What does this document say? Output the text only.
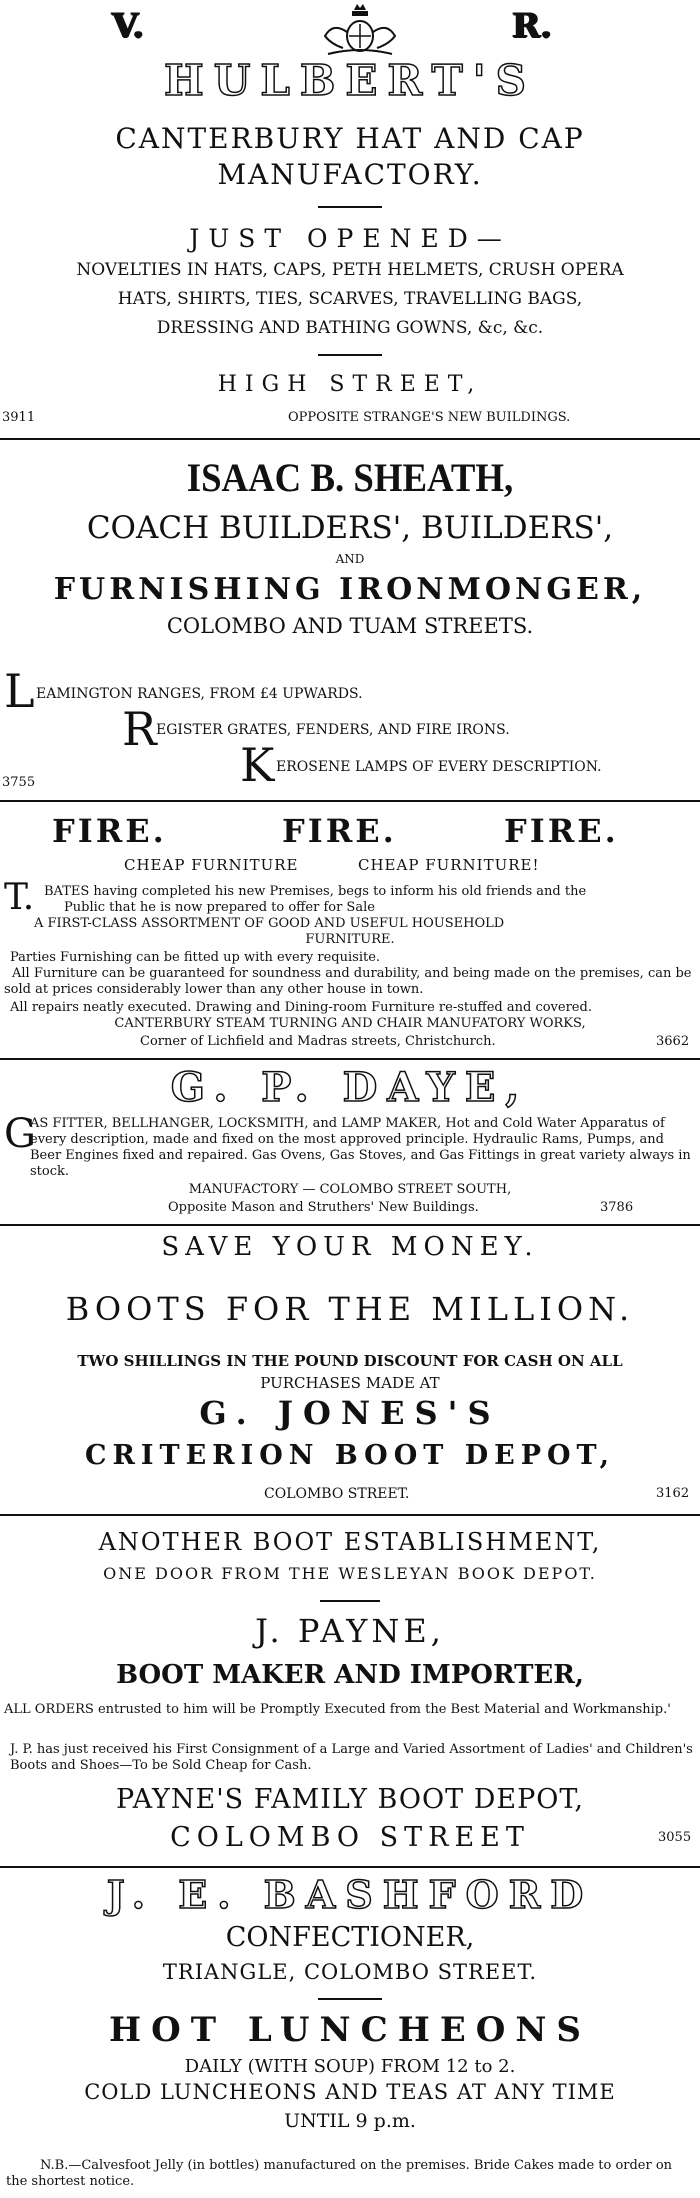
V.	R.
HULBERT'S
CANTERBURY HAT AND CAP
MANUFACTORY.
JUST OPENED—
NOVELTIES IN HATS, CAPS, PETH HELMETS, CRUSH OPERA
HATS, SHIRTS, TIES, SCARVES, TRAVELLING BAGS,
DRESSING AND BATHING GOWNS, &c, &c.
HIGH STREET,
3911	OPPOSITE STRANGE'S NEW BUILDINGS.
ISAAC B. SHEATH,
COACH BUILDERS', BUILDERS',
AND
FURNISHING IRONMONGER,
COLOMBO AND TUAM STREETS.
L EAMINGTON RANGES, FROM £4 UPWARDS.
R EGISTER GRATES, FENDERS, AND FIRE IRONS.
3755	K EROSENE LAMPS OF EVERY DESCRIPTION.
FIRE.	FIRE.	FIRE.
CHEAP FURNITURE	CHEAP FURNITURE!
T. BATES having completed his new Premises, begs to inform his old friends and the
Public that he is now prepared to offer for Sale
A FIRST-CLASS ASSORTMENT OF GOOD AND USEFUL HOUSEHOLD
FURNITURE.
Parties Furnishing can be fitted up with every requisite.
All Furniture can be guaranteed for soundness and durability, and being made on the premises, can be sold at prices considerably lower than any other house in town.
All repairs neatly executed. Drawing and Dining-room Furniture re-stuffed and covered.
CANTERBURY STEAM TURNING AND CHAIR MANUFATORY WORKS,
Corner of Lichfield and Madras streets, Christchurch.	3662
G. P. DAYE,
G
AS FITTER, BELLHANGER, LOCKSMITH, and LAMP MAKER, Hot and Cold Water Apparatus of every description, made and fixed on the most approved principle. Hydraulic Rams, Pumps, and Beer Engines fixed and repaired. Gas Ovens, Gas Stoves, and Gas Fittings in great variety always in stock.
MANUFACTORY — COLOMBO STREET SOUTH,
Opposite Mason and Struthers' New Buildings.	3786
SAVE YOUR MONEY.
BOOTS FOR THE MILLION.
TWO SHILLINGS IN THE POUND DISCOUNT FOR CASH ON ALL
PURCHASES MADE AT
G. JONES'S
CRITERION BOOT DEPOT,
COLOMBO STREET.	3162
ANOTHER BOOT ESTABLISHMENT,
ONE DOOR FROM THE WESLEYAN BOOK DEPOT.
J. PAYNE,
BOOT MAKER AND IMPORTER,
ALL ORDERS entrusted to him will be Promptly Executed from the Best Material and Workmanship.'
J. P. has just received his First Consignment of a Large and Varied Assortment of Ladies' and Children's Boots and Shoes—To be Sold Cheap for Cash.
PAYNE'S FAMILY BOOT DEPOT,
COLOMBO STREET	3055
J. E. BASHFORD
CONFECTIONER,
TRIANGLE, COLOMBO STREET.
HOT LUNCHEONS
DAILY (WITH SOUP) FROM 12 to 2.
COLD LUNCHEONS AND TEAS AT ANY TIME
UNTIL 9 p.m.
N.B.—Calvesfoot Jelly (in bottles) manufactured on the premises. Bride Cakes made to order on the shortest notice.
